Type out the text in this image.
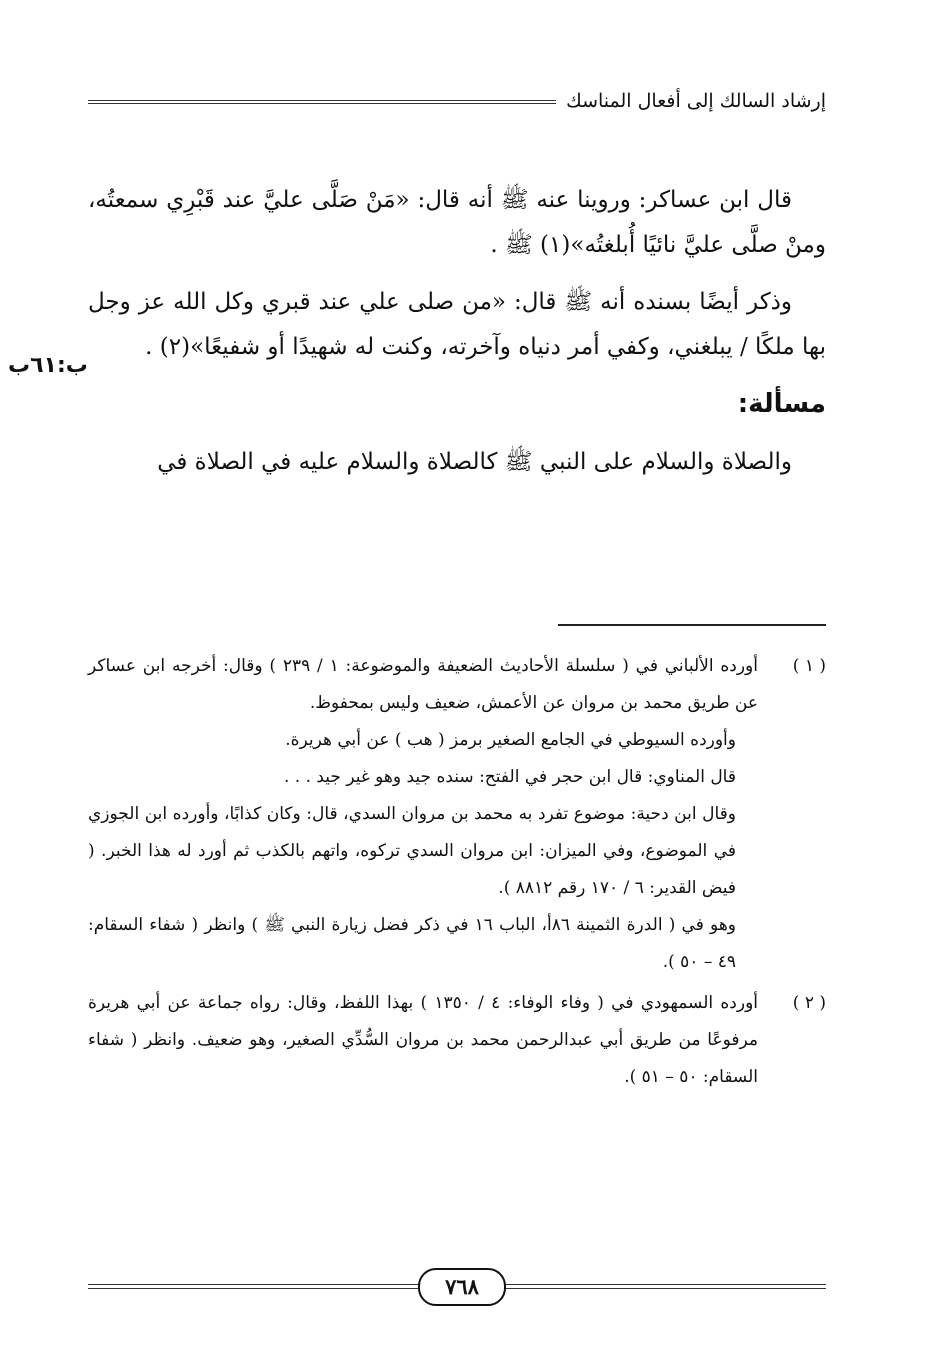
إرشاد السالك إلى أفعال المناسك
ب:٦١ب

قال ابن عساكر: وروينا عنه ﷺ أنه قال: «مَنْ صَلَّى عليَّ عند قَبْرِي سمعتُه، ومنْ صلَّى عليَّ نائيًا أُبلغتُه»(١) ﷺ .

وذكر أيضًا بسنده أنه ﷺ قال: «من صلى علي عند قبري وكل الله عز وجل بها ملكًا / يبلغني، وكفي أمر دنياه وآخرته، وكنت له شهيدًا أو شفيعًا»(٢) .

مسألة:

والصلاة والسلام على النبي ﷺ كالصلاة والسلام عليه في الصلاة في

( ١ )

أورده الألباني في ( سلسلة الأحاديث الضعيفة والموضوعة: ١ / ٢٣٩ ) وقال: أخرجه ابن عساكر عن طريق محمد بن مروان عن الأعمش، ضعيف وليس بمحفوظ.

وأورده السيوطي في الجامع الصغير برمز ( هب ) عن أبي هريرة.

قال المناوي: قال ابن حجر في الفتح: سنده جيد وهو غير جيد . . .

وقال ابن دحية: موضوع تفرد به محمد بن مروان السدي، قال: وكان كذابًا، وأورده ابن الجوزي في الموضوع، وفي الميزان: ابن مروان السدي تركوه، واتهم بالكذب ثم أورد له هذا الخبر. ( فيض القدير: ٦ / ١٧٠ رقم ٨٨١٢ ).

وهو في ( الدرة الثمينة ٨٦أ، الباب ١٦ في ذكر فضل زيارة النبي ﷺ ) وانظر ( شفاء السقام: ٤٩ – ٥٠ ).

( ٢ )

أورده السمهودي في ( وفاء الوفاء: ٤ / ١٣٥٠ ) بهذا اللفظ، وقال: رواه جماعة عن أبي هريرة مرفوعًا من طريق أبي عبدالرحمن محمد بن مروان السُّدِّي الصغير، وهو ضعيف. وانظر ( شفاء السقام: ٥٠ – ٥١ ).

٧٦٨
